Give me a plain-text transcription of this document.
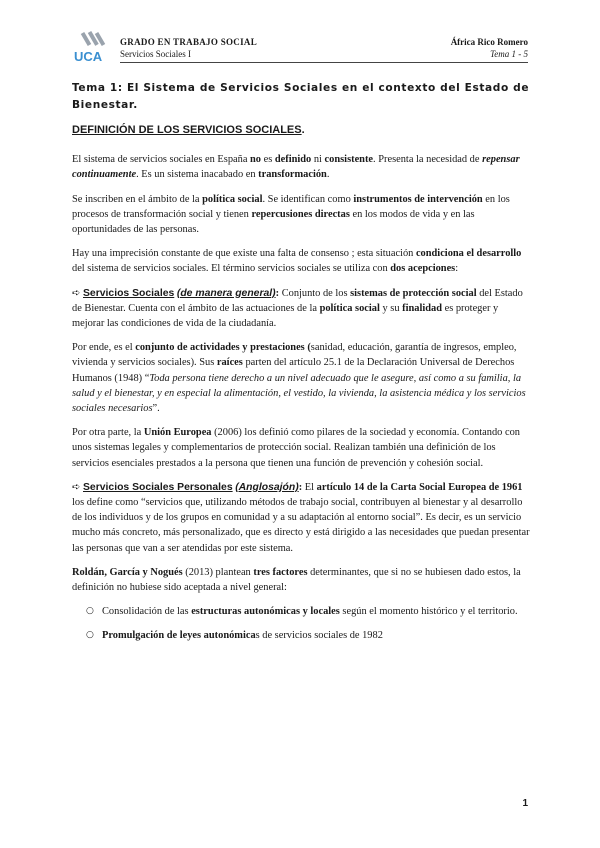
UCA
GRADO EN TRABAJO SOCIAL
Servicios Sociales I
África Rico Romero
Tema 1 - 5
Tema 1: El Sistema de Servicios Sociales en el contexto del Estado de Bienestar.
DEFINICIÓN DE LOS SERVICIOS SOCIALES.

El sistema de servicios sociales en España no es definido ni consistente. Presenta la necesidad de repensar continuamente. Es un sistema inacabado en transformación.

Se inscriben en el ámbito de la política social. Se identifican como instrumentos de intervención en los procesos de transformación social y tienen repercusiones directas en los modos de vida y en las oportunidades de las personas.

Hay una imprecisión constante de que existe una falta de consenso ; esta situación condiciona el desarrollo del sistema de servicios sociales. El término servicios sociales se utiliza con dos acepciones:

➪ Servicios Sociales (de manera general): Conjunto de los sistemas de protección social del Estado de Bienestar. Cuenta con el ámbito de las actuaciones de la política social y su finalidad es proteger y mejorar las condiciones de vida de la ciudadanía.

Por ende, es el conjunto de actividades y prestaciones (sanidad, educación, garantía de ingresos, empleo, vivienda y servicios sociales). Sus raíces parten del artículo 25.1 de la Declaración Universal de Derechos Humanos (1948) “Toda persona tiene derecho a un nivel adecuado que le asegure, así como a su familia, la salud y el bienestar, y en especial la alimentación, el vestido, la vivienda, la asistencia médica y los servicios sociales necesarios”.

Por otra parte, la Unión Europea (2006) los definió como pilares de la sociedad y economía. Contando con unos sistemas legales y complementarios de protección social. Realizan también una definición de los servicios esenciales prestados a la persona que tienen una función de prevención y cohesión social.

➪ Servicios Sociales Personales (Anglosajón): El artículo 14 de la Carta Social Europea de 1961 los define como “servicios que, utilizando métodos de trabajo social, contribuyen al bienestar y al desarrollo de los individuos y de los grupos en comunidad y a su adaptación al entorno social”. Es decir, es un servicio mucho más concreto, más personalizado, que es directo y está dirigido a las necesidades que puedan presentar las personas que van a ser atendidas por este sistema.

Roldán, García y Nogués (2013) plantean tres factores determinantes, que si no se hubiesen dado estos, la definición no hubiese sido aceptada a nivel general:

○ Consolidación de las estructuras autonómicas y locales según el momento histórico y el territorio.
○ Promulgación de leyes autonómicas de servicios sociales de 1982
1
